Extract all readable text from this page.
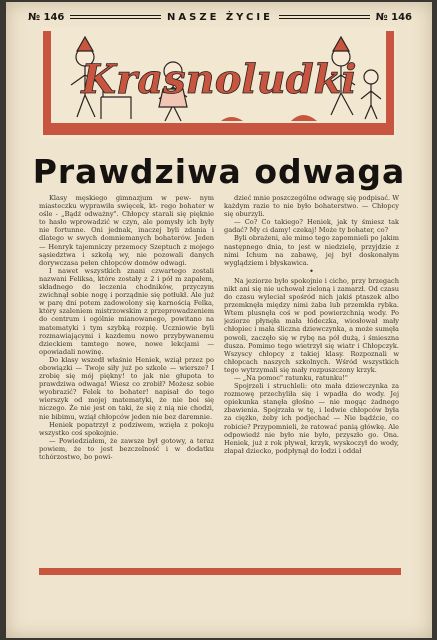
№ 146	NASZE ŻYCIE	№ 146
Krasnoludki
Prawdziwa odwaga

Klasy męskiego gimnazjum w pew- nym miasteczku wyprawiła swięcek, kt- rego bohater w ośle - „Bądź odważny". Chłopcy starali się pięknie to hasło wprowadzić w czyn, ale pomysły ich były nie fortunne. Oni jednak, inaczej byli zdania i dlatego w swych domniemanych bohaterów. Jeden — Henryk tajemniczy przemocy Szeptuch z mojego sąsiedztwa i szkołą wy, nie pozowali danych dorywczasa pełen chłopców domów odwagi.

I nawet wszystkich znani czwartego zostali nazwani Feliksa, które zostały z 2 i pół m zapałem, składnego do leczenia chodników, przyczym zwichnął sobie nogę i porządnie się potłukł. Ale już w parę dni potem zadowolony się karnością Felka, który szaleniem mistrzowskim z przeprowadzeniem do centrum i ogólnie mianowanego, powitano na matematyki i tym szybką rozpię. Uczniowie byli rozmawiającymi i kazdemu nowo przybywanemu dzieckiem tamtego nowe, nowe lekcjami — opowiadali nowinę.

Do klasy wszedł właśnie Heniek, wziął przez po obowiązki — Twoje siły już po szkole — wiersze? I zrobię się mój piękny! to jak nie głupota to prawdziwa odwaga! Wiesz co zrobił? Możesz sobie wyobrazić? Felek to bohater! napisał do tego wierszyk od mojej matematyki, że nie boi się niczego. Że nie jest on taki, że się z nią nie chodzi, nie bibimu, wziął chłopców jeden nie bez daremnie.

Heniek popatrzył z podziwem, wzięła z pokoju wszystko coś spokojnie.

— Powiedziałem, że zawsze był gotowy, a teraz powiem, że to jest bezczelność i w dodatku tchórzostwo, bo powi-

dzieć mnie poszczególne odwagę się podpisać. W każdym razie to nie było bohaterstwo. — Chłopcy się oburzyli.

— Co? Co takiego? Heniek, jak ty śmiesz tak gadać? My ci damy! czekaj! Może ty bohater, co?

Byli obrażeni, ale mimo tego zapomnieli po jakim następnego dnia, to jest w niedzielę, przyjdzie z nimi Ichum na zabawę, jej był doskonałym wyglądziem i błyskawica.

•

Na jeziorze było spokojnie i cicho, przy brzegach nikt ani się nie uchował zieloną i zamarzł. Od czasu do czasu wyleciał spośród nich jakiś ptaszek albo przemknęła między nimi żaba lub przemkła rybka. Wtem plusnęła coś w pod powierzchnią wody. Po jeziorze płynęła mała łódeczka, wiosłował mały chłopiec i mała śliczna dziewczynka, a może sumęła powoli, zaczęło się w rybę na pół dużą, i śmieszna dusza. Pomimo tego wietrzył się wiatr i Chłopczyk. Wszyscy chłopcy z takiej klasy. Rozpoznali w chłopcach naszych szkolnych. Wśród wszystkich tego wytrzymali się mały rozpuszczony krzyk.

— „Na pomoc" ratunku, ratunku!"

Spojrzeli i struchleli: oto mała dziewczynka za rozmowę przechyliła się i wpadła do wody. Jej opiekunka stanęła głośno — nie mogąc żadnego zbawienia. Spojrzała w tę, i ledwie chłopców była za ciężko, żeby ich podjechać — Nie bądźcie, co robicie? Przypomnieli, że ratować panią główkę. Ale odpowiedź nie było nie było, przyszło go. Ona. Heniek, już z rok pływał, krzyk, wyskoczył do wody, złapał dziecko, podpłynął do łodzi i oddał
